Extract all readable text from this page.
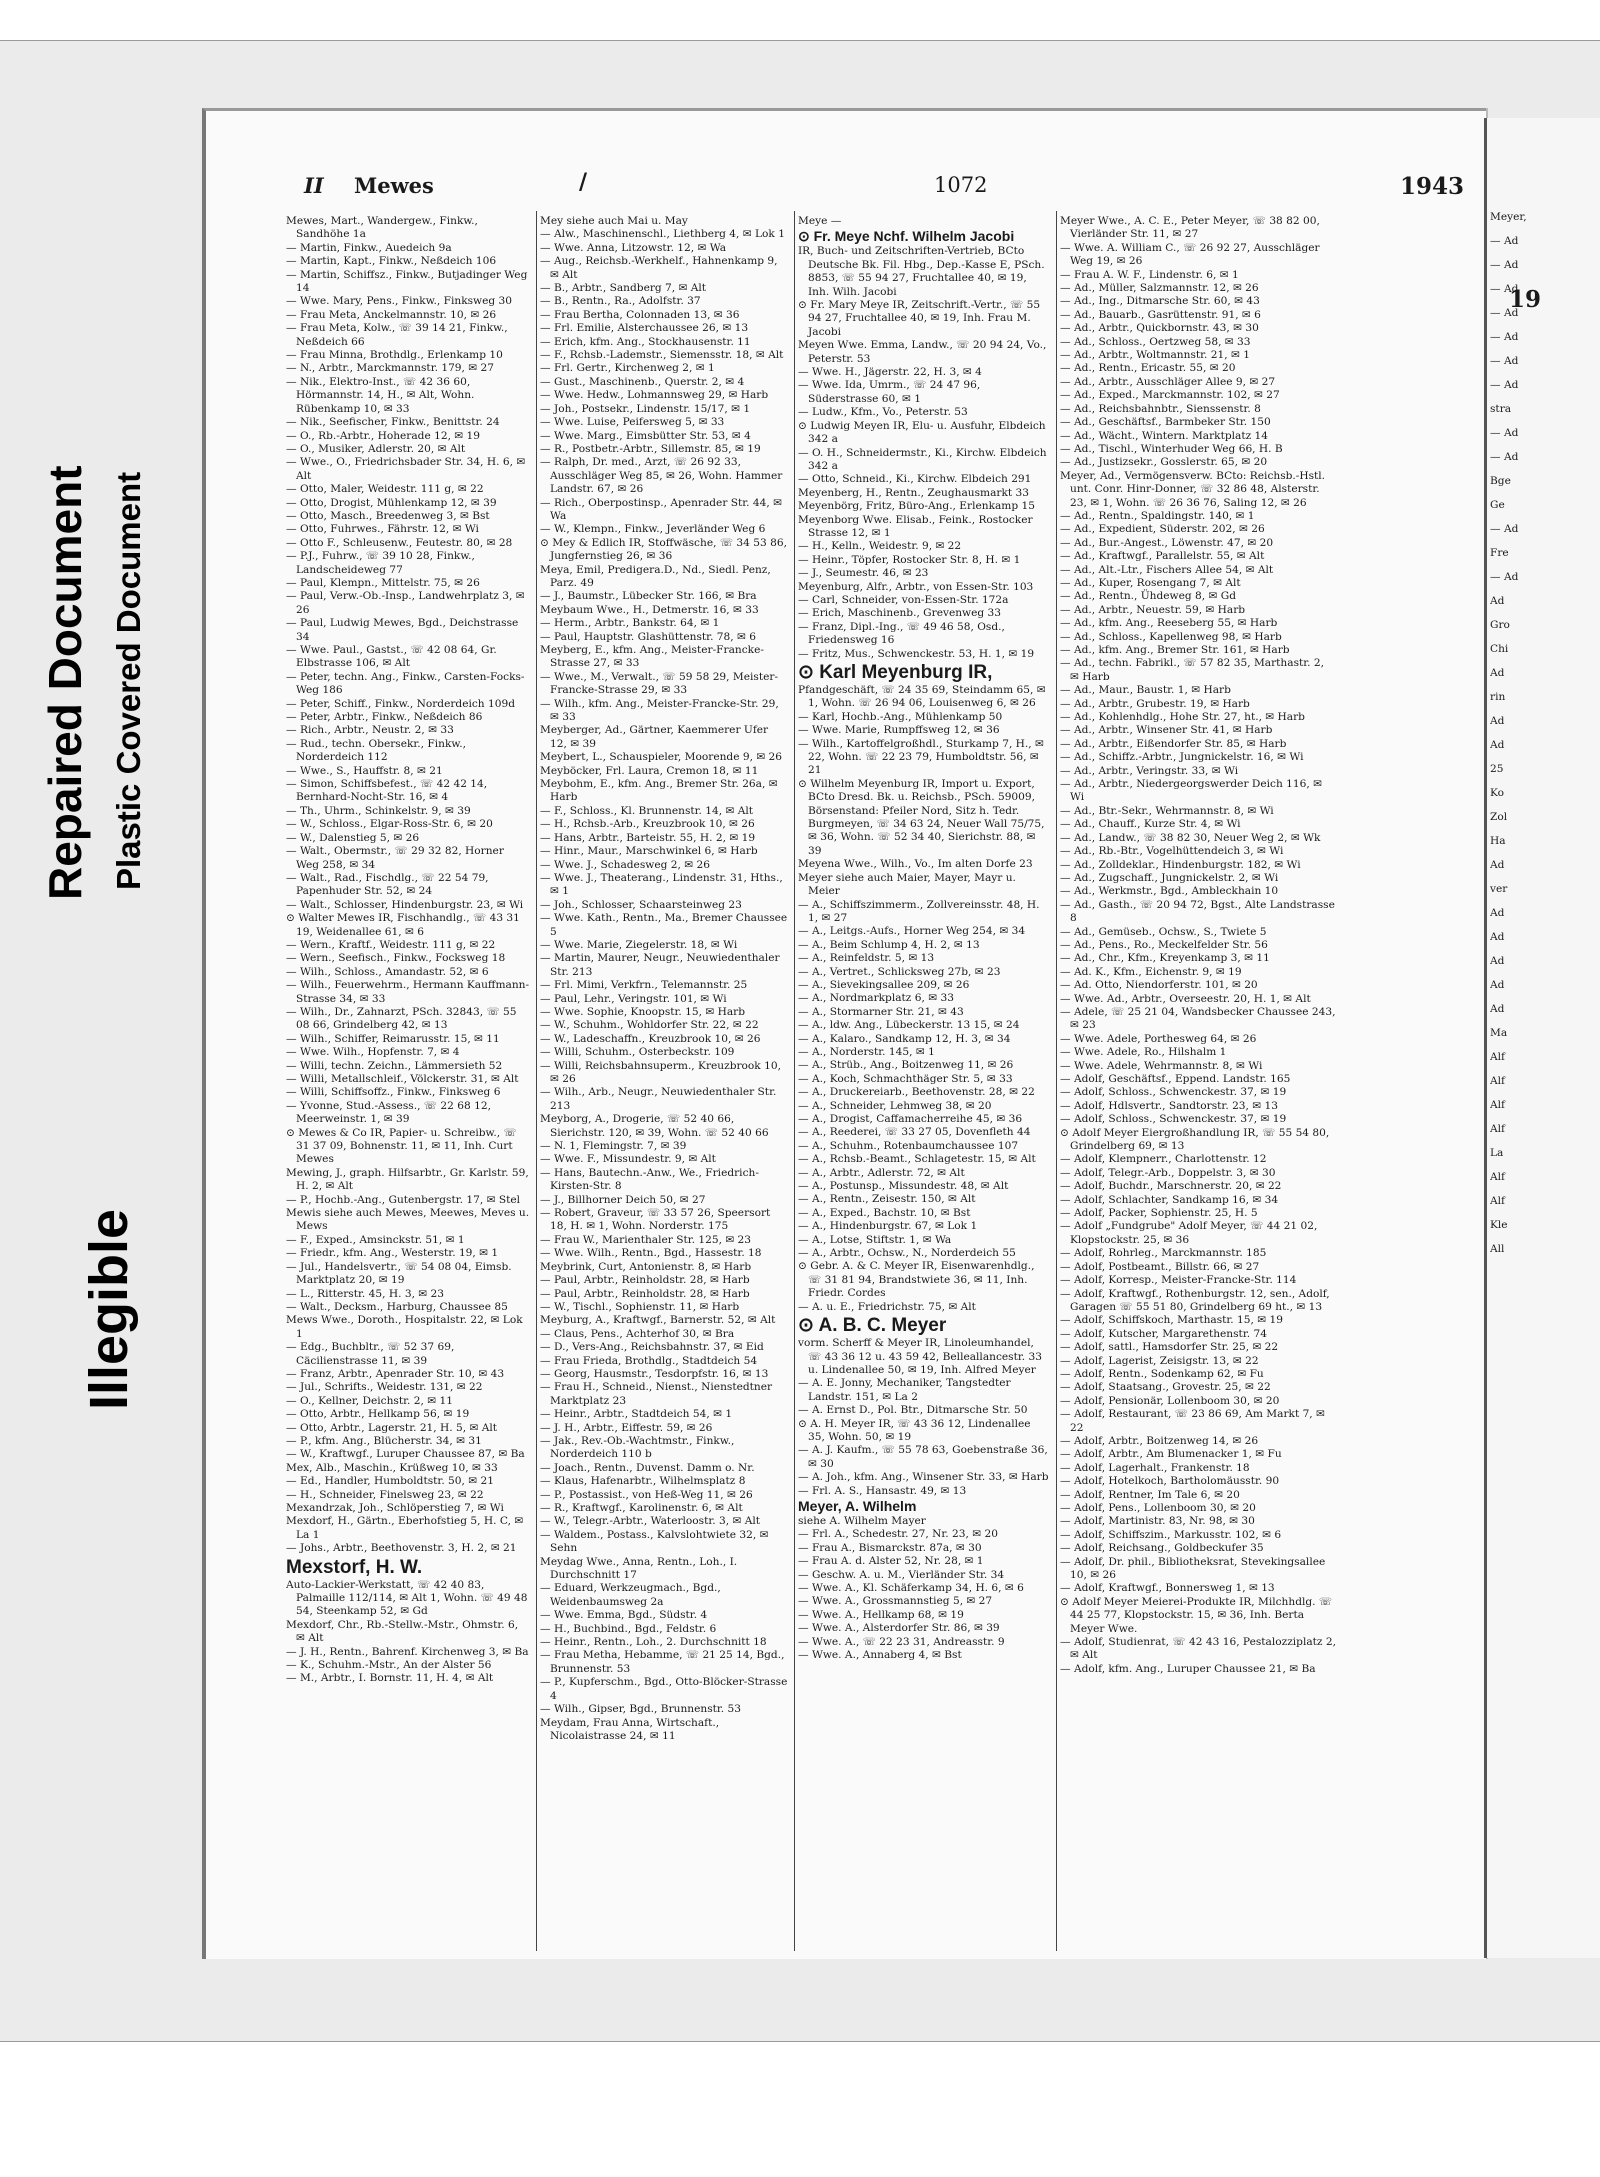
Repaired Document Plastic Covered Document
Illegible
II Mewes	/	1072	1943

Mewes, Mart., Wandergew., Finkw., Sandhöhe 1a

— Martin, Finkw., Auedeich 9a

— Martin, Kapt., Finkw., Neßdeich 106

— Martin, Schiffsz., Finkw., Butjadinger Weg 14

— Wwe. Mary, Pens., Finkw., Finksweg 30

— Frau Meta, Anckelmannstr. 10, ✉ 26

— Frau Meta, Kolw., ☏ 39 14 21, Finkw., Neßdeich 66

— Frau Minna, Brothdlg., Erlenkamp 10

— N., Arbtr., Marckmannstr. 179, ✉ 27

— Nik., Elektro-Inst., ☏ 42 36 60, Hörmannstr. 14, H., ✉ Alt, Wohn. Rübenkamp 10, ✉ 33

— Nik., Seefischer, Finkw., Benittstr. 24

— O., Rb.-Arbtr., Hoherade 12, ✉ 19

— O., Musiker, Adlerstr. 20, ✉ Alt

— Wwe., O., Friedrichsbader Str. 34, H. 6, ✉ Alt

— Otto, Maler, Weidestr. 111 g, ✉ 22

— Otto, Drogist, Mühlenkamp 12, ✉ 39

— Otto, Masch., Breedenweg 3, ✉ Bst

— Otto, Fuhrwes., Fährstr. 12, ✉ Wi

— Otto F., Schleusenw., Feutestr. 80, ✉ 28

— P.J., Fuhrw., ☏ 39 10 28, Finkw., Landscheideweg 77

— Paul, Klempn., Mittelstr. 75, ✉ 26

— Paul, Verw.-Ob.-Insp., Landwehrplatz 3, ✉ 26

— Paul, Ludwig Mewes, Bgd., Deichstrasse 34

— Wwe. Paul., Gastst., ☏ 42 08 64, Gr. Elbstrasse 106, ✉ Alt

— Peter, techn. Ang., Finkw., Carsten-Focks-Weg 186

— Peter, Schiff., Finkw., Norderdeich 109d

— Peter, Arbtr., Finkw., Neßdeich 86

— Rich., Arbtr., Neustr. 2, ✉ 33

— Rud., techn. Obersekr., Finkw., Norderdeich 112

— Wwe., S., Hauffstr. 8, ✉ 21

— Simon, Schiffsbefest., ☏ 42 42 14, Bernhard-Nocht-Str. 16, ✉ 4

— Th., Uhrm., Schinkelstr. 9, ✉ 39

— W., Schloss., Elgar-Ross-Str. 6, ✉ 20

— W., Dalenstieg 5, ✉ 26

— Walt., Obermstr., ☏ 29 32 82, Horner Weg 258, ✉ 34

— Walt., Rad., Fischdlg., ☏ 22 54 79, Papenhuder Str. 52, ✉ 24

— Walt., Schlosser, Hindenburgstr. 23, ✉ Wi

⊙ Walter Mewes IR, Fischhandlg., ☏ 43 31 19, Weidenallee 61, ✉ 6

— Wern., Kraftf., Weidestr. 111 g, ✉ 22

— Wern., Seefisch., Finkw., Focksweg 18

— Wilh., Schloss., Amandastr. 52, ✉ 6

— Wilh., Feuerwehrm., Hermann Kauffmann-Strasse 34, ✉ 33

— Wilh., Dr., Zahnarzt, PSch. 32843, ☏ 55 08 66, Grindelberg 42, ✉ 13

— Wilh., Schiffer, Reimarusstr. 15, ✉ 11

— Wwe. Wilh., Hopfenstr. 7, ✉ 4

— Willi, techn. Zeichn., Lämmersieth 52

— Willi, Metallschleif., Völckerstr. 31, ✉ Alt

— Willi, Schiffsoffz., Finkw., Finksweg 6

— Yvonne, Stud.-Assess., ☏ 22 68 12, Meerweinstr. 1, ✉ 39

⊙ Mewes & Co IR, Papier- u. Schreibw., ☏ 31 37 09, Bohnenstr. 11, ✉ 11, Inh. Curt Mewes

Mewing, J., graph. Hilfsarbtr., Gr. Karlstr. 59, H. 2, ✉ Alt

— P., Hochb.-Ang., Gutenbergstr. 17, ✉ Stel

Mewis siehe auch Mewes, Meewes, Meves u. Mews

— F., Exped., Amsinckstr. 51, ✉ 1

— Friedr., kfm. Ang., Westerstr. 19, ✉ 1

— Jul., Handelsvertr., ☏ 54 08 04, Eimsb. Marktplatz 20, ✉ 19

— L., Ritterstr. 45, H. 3, ✉ 23

— Walt., Decksm., Harburg, Chaussee 85

Mews Wwe., Doroth., Hospitalstr. 22, ✉ Lok 1

— Edg., Buchbltr., ☏ 52 37 69, Cäcilienstrasse 11, ✉ 39

— Franz, Arbtr., Apenrader Str. 10, ✉ 43

— Jul., Schrifts., Weidestr. 131, ✉ 22

— O., Kellner, Deichstr. 2, ✉ 11

— Otto, Arbtr., Hellkamp 56, ✉ 19

— Otto, Arbtr., Lagerstr. 21, H. 5, ✉ Alt

— P., kfm. Ang., Blücherstr. 34, ✉ 31

— W., Kraftwgf., Luruper Chaussee 87, ✉ Ba

Mex, Alb., Maschin., Krüßweg 10, ✉ 33

— Ed., Handler, Humboldtstr. 50, ✉ 21

— H., Schneider, Finelsweg 23, ✉ 22

Mexandrzak, Joh., Schlöperstieg 7, ✉ Wi

Mexdorf, H., Gärtn., Eberhofstieg 5, H. C, ✉ La 1

— Johs., Arbtr., Beethovenstr. 3, H. 2, ✉ 21

Mexstorf, H. W.

Auto-Lackier-Werkstatt, ☏ 42 40 83, Palmaille 112/114, ✉ Alt 1, Wohn. ☏ 49 48 54, Steenkamp 52, ✉ Gd

Mexdorf, Chr., Rb.-Stellw.-Mstr., Ohmstr. 6, ✉ Alt

— J. H., Rentn., Bahrenf. Kirchenweg 3, ✉ Ba

— K., Schuhm.-Mstr., An der Alster 56

— M., Arbtr., I. Bornstr. 11, H. 4, ✉ Alt

Mey siehe auch Mai u. May

— Alw., Maschinenschl., Liethberg 4, ✉ Lok 1

— Wwe. Anna, Litzowstr. 12, ✉ Wa

— Aug., Reichsb.-Werkhelf., Hahnenkamp 9, ✉ Alt

— B., Arbtr., Sandberg 7, ✉ Alt

— B., Rentn., Ra., Adolfstr. 37

— Frau Bertha, Colonnaden 13, ✉ 36

— Frl. Emilie, Alsterchaussee 26, ✉ 13

— Erich, kfm. Ang., Stockhausenstr. 11

— F., Rchsb.-Lademstr., Siemensstr. 18, ✉ Alt

— Frl. Gertr., Kirchenweg 2, ✉ 1

— Gust., Maschinenb., Querstr. 2, ✉ 4

— Wwe. Hedw., Lohmannsweg 29, ✉ Harb

— Joh., Postsekr., Lindenstr. 15/17, ✉ 1

— Wwe. Luise, Peifersweg 5, ✉ 33

— Wwe. Marg., Eimsbütter Str. 53, ✉ 4

— R., Postbetr.-Arbtr., Sillemstr. 85, ✉ 19

— Ralph, Dr. med., Arzt, ☏ 26 92 33, Ausschläger Weg 85, ✉ 26, Wohn. Hammer Landstr. 67, ✉ 26

— Rich., Oberpostinsp., Apenrader Str. 44, ✉ Wa

— W., Klempn., Finkw., Jeverländer Weg 6

⊙ Mey & Edlich IR, Stoffwäsche, ☏ 34 53 86, Jungfernstieg 26, ✉ 36

Meya, Emil, Predigera.D., Nd., Siedl. Penz, Parz. 49

— J., Baumstr., Lübecker Str. 166, ✉ Bra

Meybaum Wwe., H., Detmerstr. 16, ✉ 33

— Herm., Arbtr., Bankstr. 64, ✉ 1

— Paul, Hauptstr. Glashüttenstr. 78, ✉ 6

Meyberg, E., kfm. Ang., Meister-Francke-Strasse 27, ✉ 33

— Wwe., M., Verwalt., ☏ 59 58 29, Meister-Francke-Strasse 29, ✉ 33

— Wilh., kfm. Ang., Meister-Francke-Str. 29, ✉ 33

Meyberger, Ad., Gärtner, Kaemmerer Ufer 12, ✉ 39

Meybert, L., Schauspieler, Moorende 9, ✉ 26

Meyböcker, Frl. Laura, Cremon 18, ✉ 11

Meybohm, E., kfm. Ang., Bremer Str. 26a, ✉ Harb

— F., Schloss., Kl. Brunnenstr. 14, ✉ Alt

— H., Rchsb.-Arb., Kreuzbrook 10, ✉ 26

— Hans, Arbtr., Barteistr. 55, H. 2, ✉ 19

— Hinr., Maur., Marschwinkel 6, ✉ Harb

— Wwe. J., Schadesweg 2, ✉ 26

— Wwe. J., Theaterang., Lindenstr. 31, Hths., ✉ 1

— Joh., Schlosser, Schaarsteinweg 23

— Wwe. Kath., Rentn., Ma., Bremer Chaussee 5

— Wwe. Marie, Ziegelerstr. 18, ✉ Wi

— Martin, Maurer, Neugr., Neuwiedenthaler Str. 213

— Frl. Mimi, Verkfrn., Telemannstr. 25

— Paul, Lehr., Veringstr. 101, ✉ Wi

— Wwe. Sophie, Knoopstr. 15, ✉ Harb

— W., Schuhm., Wohldorfer Str. 22, ✉ 22

— W., Ladeschaffn., Kreuzbrook 10, ✉ 26

— Willi, Schuhm., Osterbeckstr. 109

— Willi, Reichsbahnsuperm., Kreuzbrook 10, ✉ 26

— Wilh., Arb., Neugr., Neuwiedenthaler Str. 213

Meyborg, A., Drogerie, ☏ 52 40 66, Sierichstr. 120, ✉ 39, Wohn. ☏ 52 40 66

— N. 1, Flemingstr. 7, ✉ 39

— Wwe. F., Missundestr. 9, ✉ Alt

— Hans, Bautechn.-Anw., We., Friedrich-Kirsten-Str. 8

— J., Billhorner Deich 50, ✉ 27

— Robert, Graveur, ☏ 33 57 26, Speersort 18, H. ✉ 1, Wohn. Norderstr. 175

— Frau W., Marienthaler Str. 125, ✉ 23

— Wwe. Wilh., Rentn., Bgd., Hassestr. 18

Meybrink, Curt, Antonienstr. 8, ✉ Harb

— Paul, Arbtr., Reinholdstr. 28, ✉ Harb

— Paul, Arbtr., Reinholdstr. 28, ✉ Harb

— W., Tischl., Sophienstr. 11, ✉ Harb

Meyburg, A., Kraftwgf., Barnerstr. 52, ✉ Alt

— Claus, Pens., Achterhof 30, ✉ Bra

— D., Vers-Ang., Reichsbahnstr. 37, ✉ Eid

— Frau Frieda, Brothdlg., Stadtdeich 54

— Georg, Hausmstr., Tesdorpfstr. 16, ✉ 13

— Frau H., Schneid., Nienst., Nienstedtner Marktplatz 23

— Heinr., Arbtr., Stadtdeich 54, ✉ 1

— J. H., Arbtr., Eiffestr. 59, ✉ 26

— Jak., Rev.-Ob.-Wachtmstr., Finkw., Norderdeich 110 b

— Joach., Rentn., Duvenst. Damm o. Nr.

— Klaus, Hafenarbtr., Wilhelmsplatz 8

— P., Postassist., von Heß-Weg 11, ✉ 26

— R., Kraftwgf., Karolinenstr. 6, ✉ Alt

— W., Telegr.-Arbtr., Waterloostr. 3, ✉ Alt

— Waldem., Postass., Kalvslohtwiete 32, ✉ Sehn

Meydag Wwe., Anna, Rentn., Loh., I. Durchschnitt 17

— Eduard, Werkzeugmach., Bgd., Weidenbaumsweg 2a

— Wwe. Emma, Bgd., Südstr. 4

— H., Buchbind., Bgd., Feldstr. 6

— Heinr., Rentn., Loh., 2. Durchschnitt 18

— Frau Metha, Hebamme, ☏ 21 25 14, Bgd., Brunnenstr. 53

— P., Kupferschm., Bgd., Otto-Blöcker-Strasse 4

— Wilh., Gipser, Bgd., Brunnenstr. 53

Meydam, Frau Anna, Wirtschaft., Nicolaistrasse 24, ✉ 11

Meye —

⊙ Fr. Meye Nchf. Wilhelm Jacobi

IR, Buch- und Zeitschriften-Vertrieb, BCto Deutsche Bk. Fil. Hbg., Dep.-Kasse E, PSch. 8853, ☏ 55 94 27, Fruchtallee 40, ✉ 19, Inh. Wilh. Jacobi

⊙ Fr. Mary Meye IR, Zeitschrift.-Vertr., ☏ 55 94 27, Fruchtallee 40, ✉ 19, Inh. Frau M. Jacobi

Meyen Wwe. Emma, Landw., ☏ 20 94 24, Vo., Peterstr. 53

— Wwe. H., Jägerstr. 22, H. 3, ✉ 4

— Wwe. Ida, Umrm., ☏ 24 47 96, Süderstrasse 60, ✉ 1

— Ludw., Kfm., Vo., Peterstr. 53

⊙ Ludwig Meyen IR, Elu- u. Ausfuhr, Elbdeich 342 a

— O. H., Schneidermstr., Ki., Kirchw. Elbdeich 342 a

— Otto, Schneid., Ki., Kirchw. Elbdeich 291

Meyenberg, H., Rentn., Zeughausmarkt 33

Meyenbörg, Fritz, Büro-Ang., Erlenkamp 15

Meyenborg Wwe. Elisab., Feink., Rostocker Strasse 12, ✉ 1

— H., Kelln., Weidestr. 9, ✉ 22

— Heinr., Töpfer, Rostocker Str. 8, H. ✉ 1

— J., Seumestr. 46, ✉ 23

Meyenburg, Alfr., Arbtr., von Essen-Str. 103

— Carl, Schneider, von-Essen-Str. 172a

— Erich, Maschinenb., Grevenweg 33

— Franz, Dipl.-Ing., ☏ 49 46 58, Osd., Friedensweg 16

— Fritz, Mus., Schwenckestr. 53, H. 1, ✉ 19

⊙ Karl Meyenburg IR,

Pfandgeschäft, ☏ 24 35 69, Steindamm 65, ✉ 1, Wohn. ☏ 26 94 06, Louisenweg 6, ✉ 26

— Karl, Hochb.-Ang., Mühlenkamp 50

— Wwe. Marie, Rumpffsweg 12, ✉ 36

— Wilh., Kartoffelgroßhdl., Sturkamp 7, H., ✉ 22, Wohn. ☏ 22 23 79, Humboldtstr. 56, ✉ 21

⊙ Wilhelm Meyenburg IR, Import u. Export, BCto Dresd. Bk. u. Reichsb., PSch. 59009, Börsenstand: Pfeiler Nord, Sitz h. Tedr. Burgmeyen, ☏ 34 63 24, Neuer Wall 75/75, ✉ 36, Wohn. ☏ 52 34 40, Sierichstr. 88, ✉ 39

Meyena Wwe., Wilh., Vo., Im alten Dorfe 23

Meyer siehe auch Maier, Mayer, Mayr u. Meier

— A., Schiffszimmerm., Zollvereinsstr. 48, H. 1, ✉ 27

— A., Leitgs.-Aufs., Horner Weg 254, ✉ 34

— A., Beim Schlump 4, H. 2, ✉ 13

— A., Reinfeldstr. 5, ✉ 13

— A., Vertret., Schlicksweg 27b, ✉ 23

— A., Sievekingsallee 209, ✉ 26

— A., Nordmarkplatz 6, ✉ 33

— A., Stormarner Str. 21, ✉ 43

— A., ldw. Ang., Lübeckerstr. 13 15, ✉ 24

— A., Kalaro., Sandkamp 12, H. 3, ✉ 34

— A., Norderstr. 145, ✉ 1

— A., Strüb., Ang., Boitzenweg 11, ✉ 26

— A., Koch, Schmachthäger Str. 5, ✉ 33

— A., Druckereiarb., Beethovenstr. 28, ✉ 22

— A., Schneider, Lehmweg 38, ✉ 20

— A., Drogist, Caffamacherreihe 45, ✉ 36

— A., Reederei, ☏ 33 27 05, Dovenfleth 44

— A., Schuhm., Rotenbaumchaussee 107

— A., Rchsb.-Beamt., Schlagetestr. 15, ✉ Alt

— A., Arbtr., Adlerstr. 72, ✉ Alt

— A., Postunsp., Missundestr. 48, ✉ Alt

— A., Rentn., Zeisestr. 150, ✉ Alt

— A., Exped., Bachstr. 10, ✉ Bst

— A., Hindenburgstr. 67, ✉ Lok 1

— A., Lotse, Stiftstr. 1, ✉ Wa

— A., Arbtr., Ochsw., N., Norderdeich 55

⊙ Gebr. A. & C. Meyer IR, Eisenwarenhdlg., ☏ 31 81 94, Brandstwiete 36, ✉ 11, Inh. Friedr. Cordes

— A. u. E., Friedrichstr. 75, ✉ Alt

⊙ A. B. C. Meyer

vorm. Scherff & Meyer IR, Linoleumhandel, ☏ 43 36 12 u. 43 59 42, Belleallancestr. 33 u. Lindenallee 50, ✉ 19, Inh. Alfred Meyer

— A. E. Jonny, Mechaniker, Tangstedter Landstr. 151, ✉ La 2

— A. Ernst D., Pol. Btr., Ditmarsche Str. 50

⊙ A. H. Meyer IR, ☏ 43 36 12, Lindenallee 35, Wohn. 50, ✉ 19

— A. J. Kaufm., ☏ 55 78 63, Goebenstraße 36, ✉ 30

— A. Joh., kfm. Ang., Winsener Str. 33, ✉ Harb

— Frl. A. S., Hansastr. 49, ✉ 13

Meyer, A. Wilhelm

siehe A. Wilhelm Mayer

— Frl. A., Schedestr. 27, Nr. 23, ✉ 20

— Frau A., Bismarckstr. 87a, ✉ 30

— Frau A. d. Alster 52, Nr. 28, ✉ 1

— Geschw. A. u. M., Vierländer Str. 34

— Wwe. A., Kl. Schäferkamp 34, H. 6, ✉ 6

— Wwe. A., Grossmannstieg 5, ✉ 27

— Wwe. A., Hellkamp 68, ✉ 19

— Wwe. A., Alsterdorfer Str. 86, ✉ 39

— Wwe. A., ☏ 22 23 31, Andreasstr. 9

— Wwe. A., Annaberg 4, ✉ Bst

Meyer Wwe., A. C. E., Peter Meyer, ☏ 38 82 00, Vierländer Str. 11, ✉ 27

— Wwe. A. William C., ☏ 26 92 27, Ausschläger Weg 19, ✉ 26

— Frau A. W. F., Lindenstr. 6, ✉ 1

— Ad., Müller, Salzmannstr. 12, ✉ 26

— Ad., Ing., Ditmarsche Str. 60, ✉ 43

— Ad., Bauarb., Gasrüttenstr. 91, ✉ 6

— Ad., Arbtr., Quickbornstr. 43, ✉ 30

— Ad., Schloss., Oertzweg 58, ✉ 33

— Ad., Arbtr., Woltmannstr. 21, ✉ 1

— Ad., Rentn., Ericastr. 55, ✉ 20

— Ad., Arbtr., Ausschläger Allee 9, ✉ 27

— Ad., Exped., Marckmannstr. 102, ✉ 27

— Ad., Reichsbahnbtr., Sienssenstr. 8

— Ad., Geschäftsf., Barmbeker Str. 150

— Ad., Wächt., Wintern. Marktplatz 14

— Ad., Tischl., Winterhuder Weg 66, H. B

— Ad., Justizsekr., Gosslerstr. 65, ✉ 20

Meyer, Ad., Vermögensverw. BCto: Reichsb.-Hstl. unt. Conr. Hinr-Donner, ☏ 32 86 48, Alsterstr. 23, ✉ 1, Wohn. ☏ 26 36 76, Saling 12, ✉ 26

— Ad., Rentn., Spaldingstr. 140, ✉ 1

— Ad., Expedient, Süderstr. 202, ✉ 26

— Ad., Bur.-Angest., Löwenstr. 47, ✉ 20

— Ad., Kraftwgf., Parallelstr. 55, ✉ Alt

— Ad., Alt.-Ltr., Fischers Allee 54, ✉ Alt

— Ad., Kuper, Rosengang 7, ✉ Alt

— Ad., Rentn., Ühdeweg 8, ✉ Gd

— Ad., Arbtr., Neuestr. 59, ✉ Harb

— Ad., kfm. Ang., Reeseberg 55, ✉ Harb

— Ad., Schloss., Kapellenweg 98, ✉ Harb

— Ad., kfm. Ang., Bremer Str. 161, ✉ Harb

— Ad., techn. Fabrikl., ☏ 57 82 35, Marthastr. 2, ✉ Harb

— Ad., Maur., Baustr. 1, ✉ Harb

— Ad., Arbtr., Grubestr. 19, ✉ Harb

— Ad., Kohlenhdlg., Hohe Str. 27, ht., ✉ Harb

— Ad., Arbtr., Winsener Str. 41, ✉ Harb

— Ad., Arbtr., Eißendorfer Str. 85, ✉ Harb

— Ad., Schiffz.-Arbtr., Jungnickelstr. 16, ✉ Wi

— Ad., Arbtr., Veringstr. 33, ✉ Wi

— Ad., Arbtr., Niedergeorgswerder Deich 116, ✉ Wi

— Ad., Btr.-Sekr., Wehrmannstr. 8, ✉ Wi

— Ad., Chauff., Kurze Str. 4, ✉ Wi

— Ad., Landw., ☏ 38 82 30, Neuer Weg 2, ✉ Wk

— Ad., Rb.-Btr., Vogelhüttendeich 3, ✉ Wi

— Ad., Zolldeklar., Hindenburgstr. 182, ✉ Wi

— Ad., Zugschaff., Jungnickelstr. 2, ✉ Wi

— Ad., Werkmstr., Bgd., Ambleckhain 10

— Ad., Gasth., ☏ 20 94 72, Bgst., Alte Landstrasse 8

— Ad., Gemüseb., Ochsw., S., Twiete 5

— Ad., Pens., Ro., Meckelfelder Str. 56

— Ad., Chr., Kfm., Kreyenkamp 3, ✉ 11

— Ad. K., Kfm., Eichenstr. 9, ✉ 19

— Ad. Otto, Niendorferstr. 101, ✉ 20

— Wwe. Ad., Arbtr., Overseestr. 20, H. 1, ✉ Alt

— Adele, ☏ 25 21 04, Wandsbecker Chaussee 243, ✉ 23

— Wwe. Adele, Porthesweg 64, ✉ 26

— Wwe. Adele, Ro., Hilshalm 1

— Wwe. Adele, Wehrmannstr. 8, ✉ Wi

— Adolf, Geschäftsf., Eppend. Landstr. 165

— Adolf, Schloss., Schwenckestr. 37, ✉ 19

— Adolf, Hdlsvertr., Sandtorstr. 23, ✉ 13

— Adolf, Schloss., Schwenckestr. 37, ✉ 19

⊙ Adolf Meyer Eiergroßhandlung IR, ☏ 55 54 80, Grindelberg 69, ✉ 13

— Adolf, Klempnerr., Charlottenstr. 12

— Adolf, Telegr.-Arb., Doppelstr. 3, ✉ 30

— Adolf, Buchdr., Marschnerstr. 20, ✉ 22

— Adolf, Schlachter, Sandkamp 16, ✉ 34

— Adolf, Packer, Sophienstr. 25, H. 5

— Adolf „Fundgrube" Adolf Meyer, ☏ 44 21 02, Klopstockstr. 25, ✉ 36

— Adolf, Rohrleg., Marckmannstr. 185

— Adolf, Postbeamt., Billstr. 66, ✉ 27

— Adolf, Korresp., Meister-Francke-Str. 114

— Adolf, Kraftwgf., Rothenburgstr. 12, sen., Adolf, Garagen ☏ 55 51 80, Grindelberg 69 ht., ✉ 13

— Adolf, Schiffskoch, Marthastr. 15, ✉ 19

— Adolf, Kutscher, Margarethenstr. 74

— Adolf, sattl., Hamsdorfer Str. 25, ✉ 22

— Adolf, Lagerist, Zeisigstr. 13, ✉ 22

— Adolf, Rentn., Sodenkamp 62, ✉ Fu

— Adolf, Staatsang., Grovestr. 25, ✉ 22

— Adolf, Pensionär, Lollenboom 30, ✉ 20

— Adolf, Restaurant, ☏ 23 86 69, Am Markt 7, ✉ 22

— Adolf, Arbtr., Boitzenweg 14, ✉ 26

— Adolf, Arbtr., Am Blumenacker 1, ✉ Fu

— Adolf, Lagerhalt., Frankenstr. 18

— Adolf, Hotelkoch, Bartholomäusstr. 90

— Adolf, Rentner, Im Tale 6, ✉ 20

— Adolf, Pens., Lollenboom 30, ✉ 20

— Adolf, Martinistr. 83, Nr. 98, ✉ 30

— Adolf, Schiffszim., Markusstr. 102, ✉ 6

— Adolf, Reichsang., Goldbeckufer 35

— Adolf, Dr. phil., Bibliotheksrat, Stevekingsallee 10, ✉ 26

— Adolf, Kraftwgf., Bonnersweg 1, ✉ 13

⊙ Adolf Meyer Meierei-Produkte IR, Milchhdlg. ☏ 44 25 77, Klopstockstr. 15, ✉ 36, Inh. Berta Meyer Wwe.

— Adolf, Studienrat, ☏ 42 43 16, Pestalozziplatz 2, ✉ Alt

— Adolf, kfm. Ang., Luruper Chaussee 21, ✉ Ba

19

Meyer,

— Ad

— Ad

— Ad

— Ad

— Ad

— Ad

— Ad

stra

— Ad

— Ad

Bge

Ge

— Ad

Fre

— Ad

Ad

Gro

Chi

Ad

rin

Ad

Ad

25

Ko

Zol

Ha

Ad

ver

Ad

Ad

Ad

Ad

Ad

Ma

Alf

Alf

Alf

Alf

La

Alf

Alf

Kle

All
